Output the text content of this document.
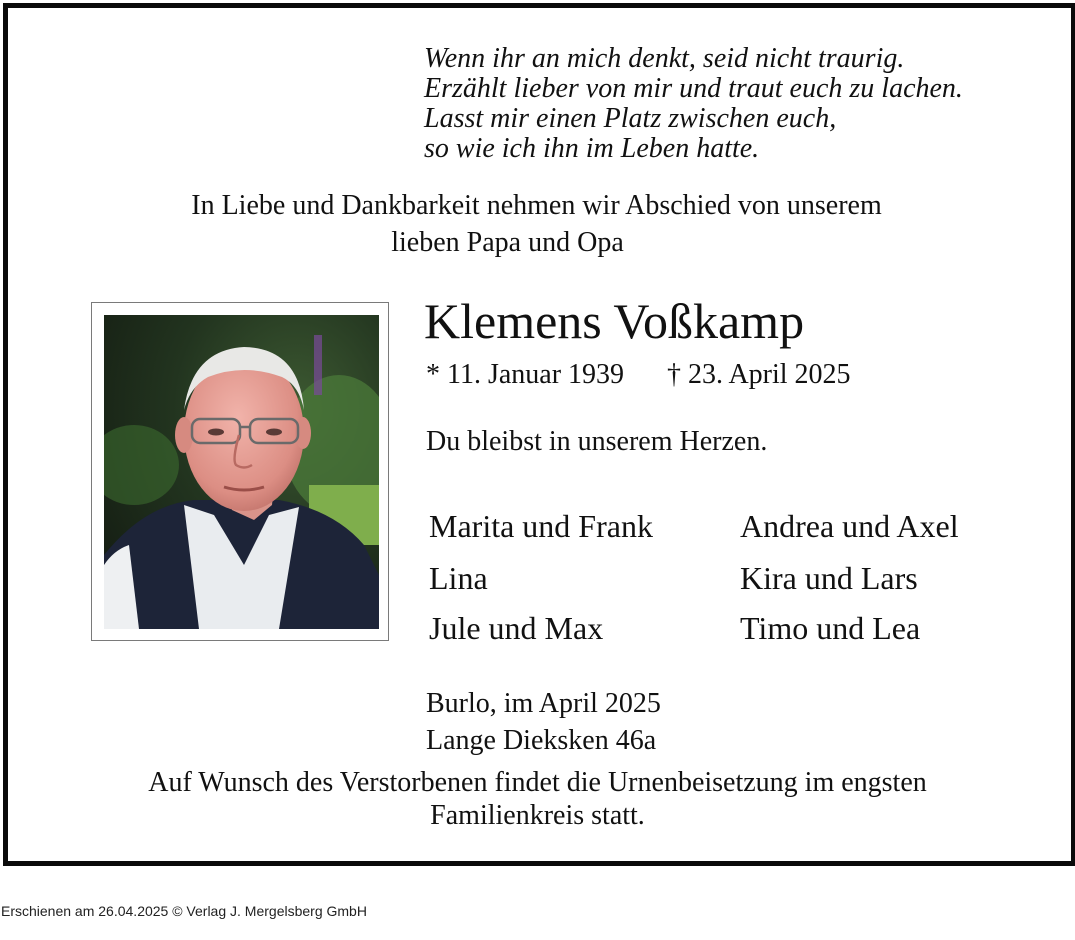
Wenn ihr an mich denkt, seid nicht traurig.
Erzählt lieber von mir und traut euch zu lachen.
Lasst mir einen Platz zwischen euch,
so wie ich ihn im Leben hatte.
In Liebe und Dankbarkeit nehmen wir Abschied von unserem
lieben Papa und Opa
Klemens Voßkamp
* 11. Januar 1939 † 23. April 2025
Du bleibst in unserem Herzen.
Marita und Frank
Lina
Jule und Max
Andrea und Axel
Kira und Lars
Timo und Lea
Burlo, im April 2025
Lange Dieksken 46a
Auf Wunsch des Verstorbenen findet die Urnenbeisetzung im engsten
Familienkreis statt.
Erschienen am 26.04.2025 © Verlag J. Mergelsberg GmbH
